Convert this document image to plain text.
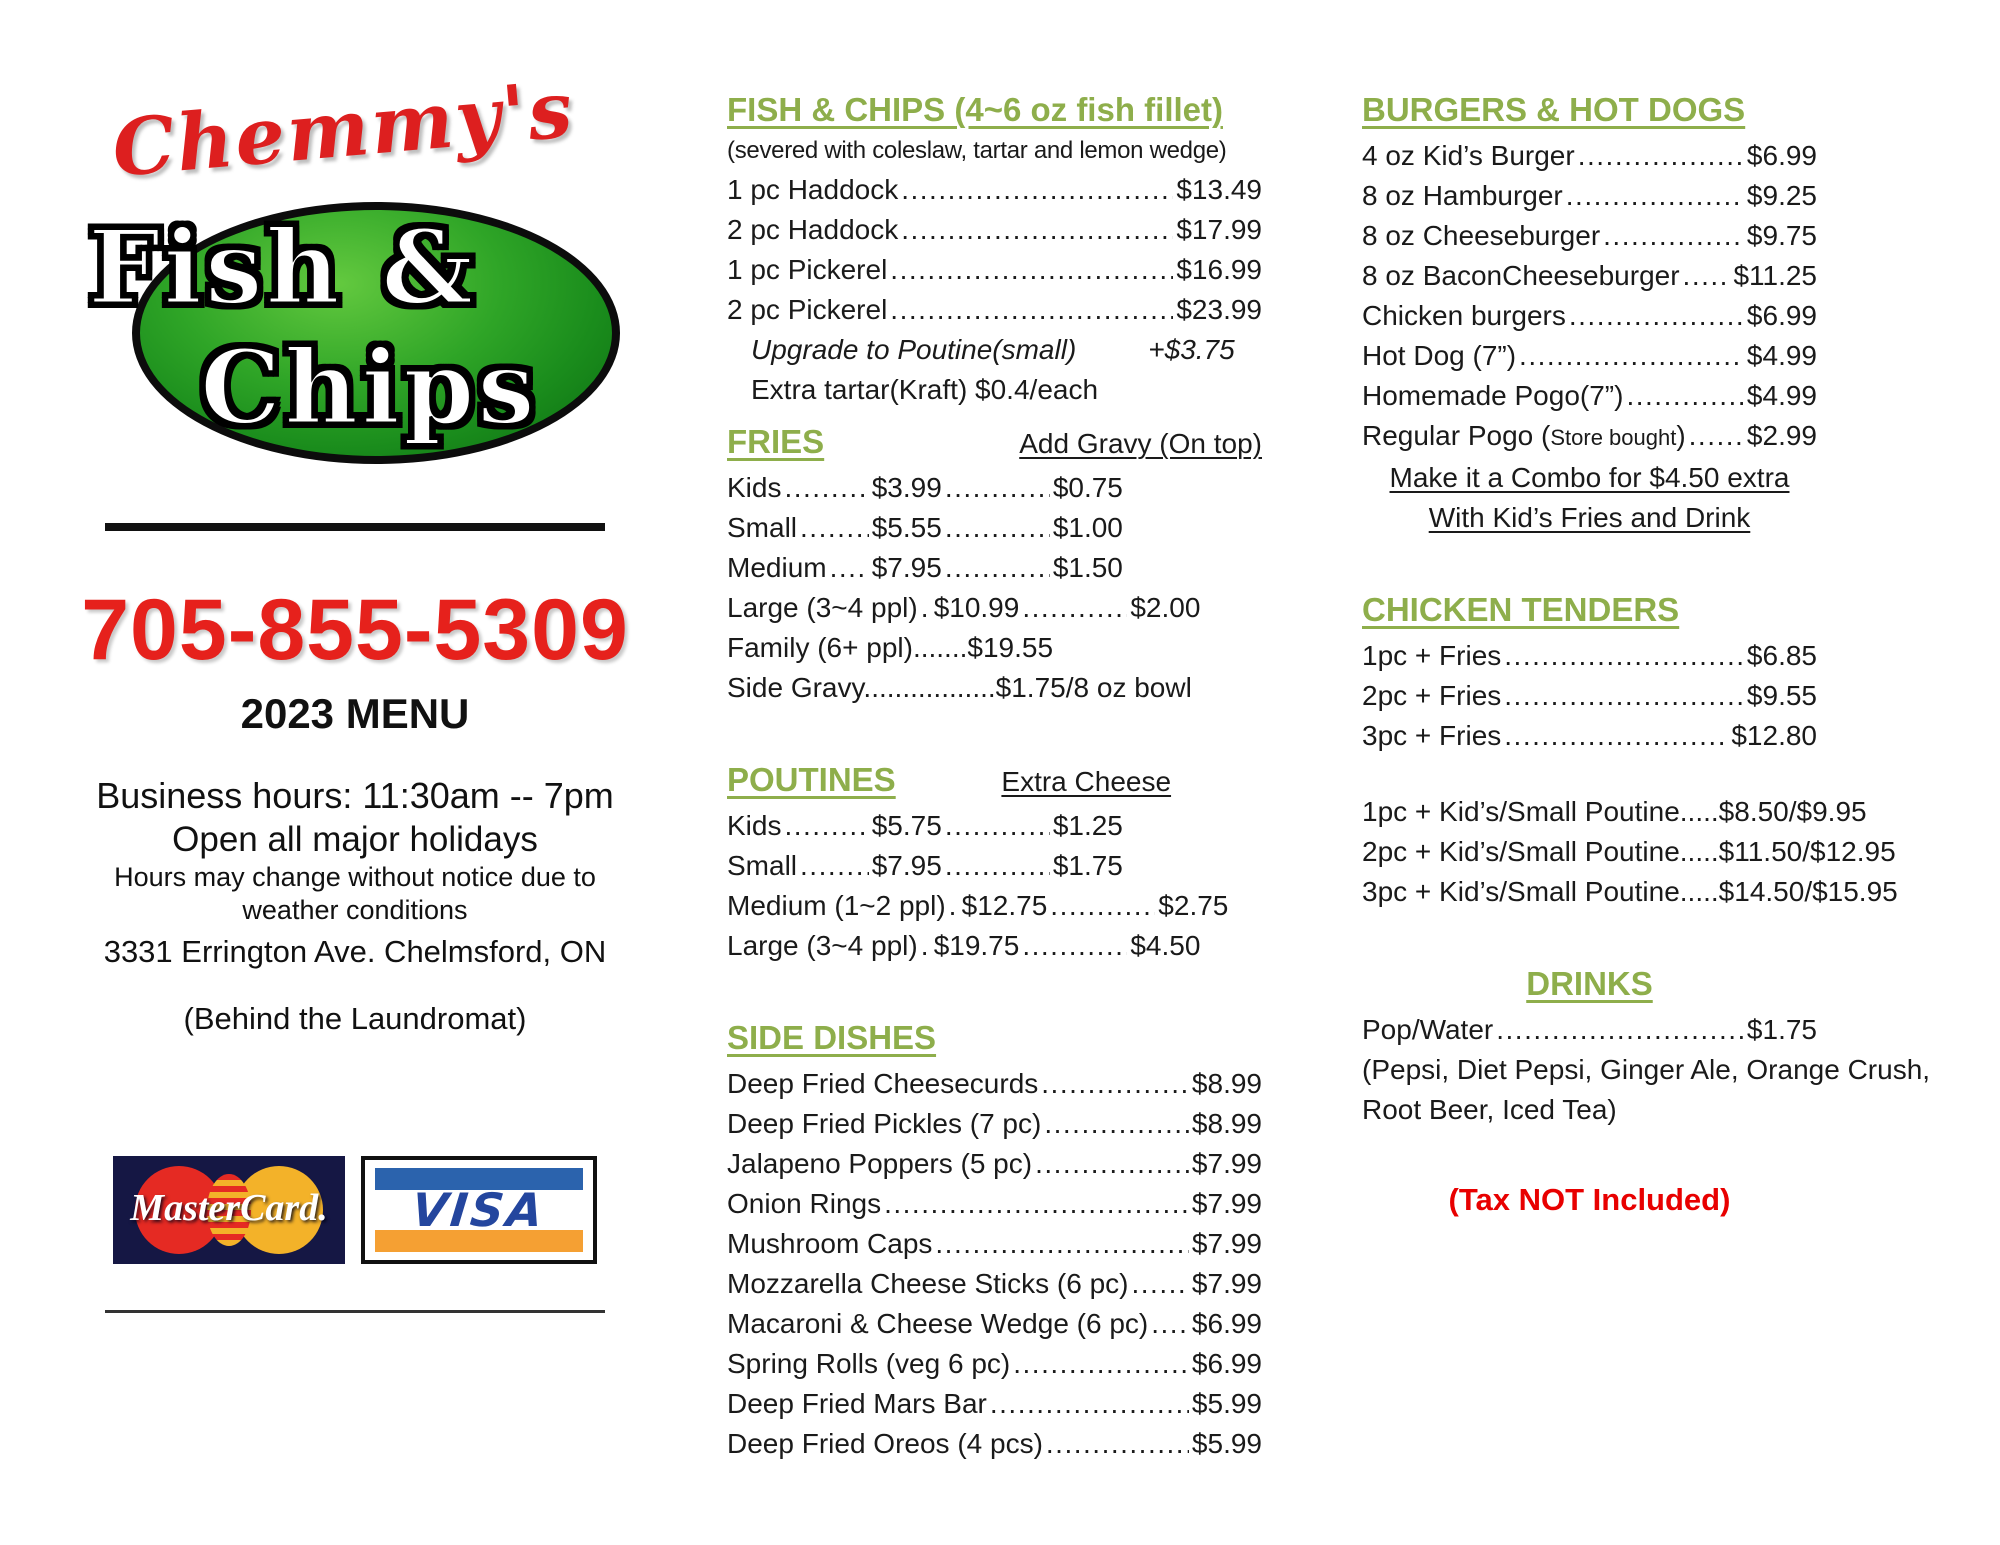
Chemmy's
Fish &
Chips
705-855-5309
2023 MENU
Business hours: 11:30am -- 7pm
Open all major holidays
Hours may change without notice due to
weather conditions
3331 Errington Ave. Chelmsford, ON
(Behind the Laundromat)
MasterCard.	VISA
FISH & CHIPS (4~6 oz fish fillet)
(severed with coleslaw, tartar and lemon wedge)
1 pc Haddock .....	$13.49
2 pc Haddock .....	$17.99
1 pc Pickerel .....	$16.99
2 pc Pickerel .....	$23.99
Upgrade to Poutine(small)	+$3.75
Extra tartar(Kraft) $0.4/each
FRIES	Add Gravy (On top)
Kids .....	$3.99 .....	$0.75
Small .....	$5.55 .....	$1.00
Medium ..... $7.95 .....	$1.50
Large (3~4 ppl) ..... $10.99 .....	$2.00
Family (6+ ppl).......$19.55
Side Gravy.................$1.75/8 oz bowl
POUTINES	Extra Cheese
Kids .....	$5.75 .....	$1.25
Small .....	$7.95 .....	$1.75
Medium (1~2 ppl) ..... $12.75 .....	$2.75
Large (3~4 ppl) ..... $19.75 .....	$4.50
SIDE DISHES
Deep Fried Cheesecurds .....	$8.99
Deep Fried Pickles (7 pc) .....	$8.99
Jalapeno Poppers (5 pc) .....	$7.99
Onion Rings .....	$7.99
Mushroom Caps .....	$7.99
Mozzarella Cheese Sticks (6 pc) ..... $7.99
Macaroni & Cheese Wedge (6 pc) ..... $6.99
Spring Rolls (veg 6 pc) .....	$6.99
Deep Fried Mars Bar .....	$5.99
Deep Fried Oreos (4 pcs) .....	$5.99
BURGERS & HOT DOGS
4 oz Kid’s Burger .....	$6.99
8 oz Hamburger .....	$9.25
8 oz Cheeseburger .....	$9.75
8 oz BaconCheeseburger ..... $11.25
Chicken burgers .....	$6.99
Hot Dog (7”) .....	$4.99
Homemade Pogo(7”) .....	$4.99
Regular Pogo ( Store bought ) ..... $2.99
Make it a Combo for $4.50 extra
With Kid’s Fries and Drink
CHICKEN TENDERS
1pc + Fries .....	$6.85
2pc + Fries .....	$9.55
3pc + Fries .....	$12.80
1pc + Kid’s/Small Poutine.....$8.50/$9.95
2pc + Kid’s/Small Poutine.....$11.50/$12.95
3pc + Kid’s/Small Poutine.....$14.50/$15.95
DRINKS
Pop/Water .....	$1.75
(Pepsi, Diet Pepsi, Ginger Ale, Orange Crush,
Root Beer, Iced Tea)
(Tax NOT Included)
